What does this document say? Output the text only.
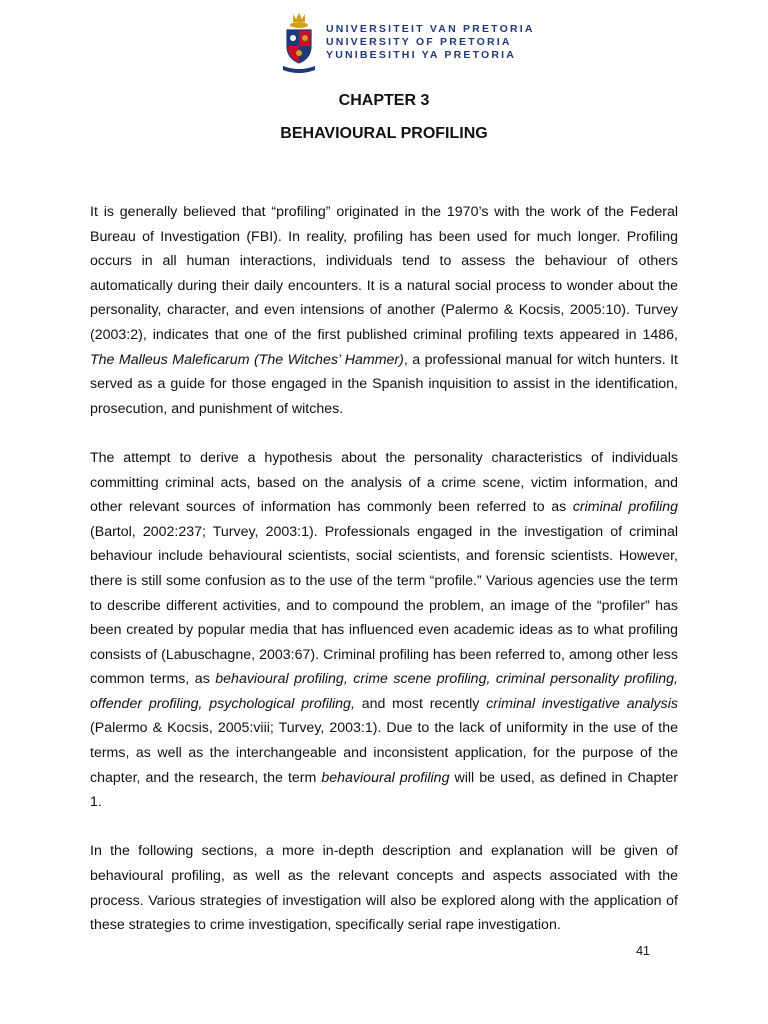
UNIVERSITEIT VAN PRETORIA
UNIVERSITY OF PRETORIA
YUNIBESITHI YA PRETORIA
CHAPTER 3
BEHAVIOURAL PROFILING

It is generally believed that “profiling” originated in the 1970’s with the work of the Federal Bureau of Investigation (FBI). In reality, profiling has been used for much longer. Profiling occurs in all human interactions, individuals tend to assess the behaviour of others automatically during their daily encounters. It is a natural social process to wonder about the personality, character, and even intensions of another (Palermo & Kocsis, 2005:10). Turvey (2003:2), indicates that one of the first published criminal profiling texts appeared in 1486, The Malleus Maleficarum (The Witches’ Hammer), a professional manual for witch hunters. It served as a guide for those engaged in the Spanish inquisition to assist in the identification, prosecution, and punishment of witches.

The attempt to derive a hypothesis about the personality characteristics of individuals committing criminal acts, based on the analysis of a crime scene, victim information, and other relevant sources of information has commonly been referred to as criminal profiling (Bartol, 2002:237; Turvey, 2003:1). Professionals engaged in the investigation of criminal behaviour include behavioural scientists, social scientists, and forensic scientists. However, there is still some confusion as to the use of the term “profile.” Various agencies use the term to describe different activities, and to compound the problem, an image of the “profiler” has been created by popular media that has influenced even academic ideas as to what profiling consists of (Labuschagne, 2003:67). Criminal profiling has been referred to, among other less common terms, as behavioural profiling, crime scene profiling, criminal personality profiling, offender profiling, psychological profiling, and most recently criminal investigative analysis (Palermo & Kocsis, 2005:viii; Turvey, 2003:1). Due to the lack of uniformity in the use of the terms, as well as the interchangeable and inconsistent application, for the purpose of the chapter, and the research, the term behavioural profiling will be used, as defined in Chapter 1.

In the following sections, a more in-depth description and explanation will be given of behavioural profiling, as well as the relevant concepts and aspects associated with the process. Various strategies of investigation will also be explored along with the application of these strategies to crime investigation, specifically serial rape investigation.

41
